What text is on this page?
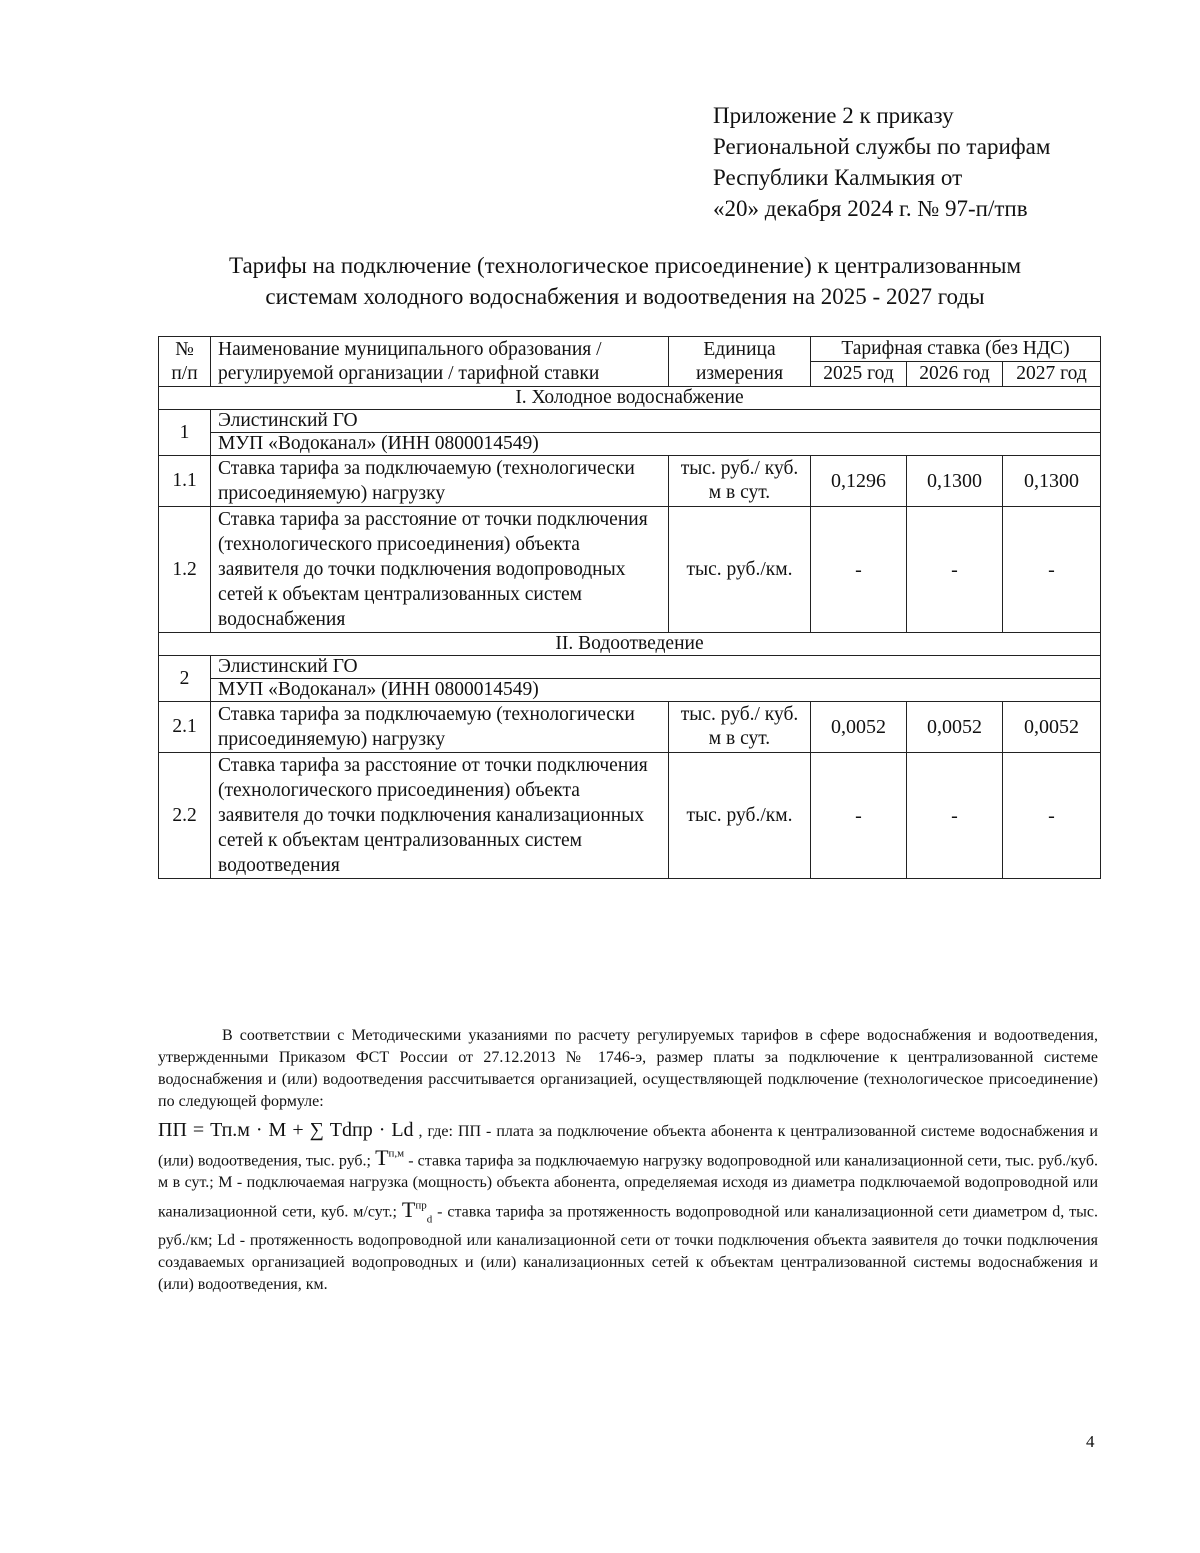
Приложение 2 к приказу
Региональной службы по тарифам
Республики Калмыкия от
«20» декабря 2024 г. № 97-п/тпв
Тарифы на подключение (технологическое присоединение) к централизованным
системам холодного водоснабжения и водоотведения на 2025 - 2027 годы
№ п/п	Наименование муниципального образования / регулируемой организации / тарифной ставки	Единица измерения	Тарифная ставка (без НДС)		
			2025 год	2026 год	2027 год
I. Холодное водоснабжение					
1	Элистинский ГО				
	МУП «Водоканал» (ИНН 0800014549)				
1.1	Ставка тарифа за подключаемую (технологически присоединяемую) нагрузку	тыс. руб./ куб. м в сут.	0,1296	0,1300	0,1300
1.2	Ставка тарифа за расстояние от точки подключения (технологического присоединения) объекта заявителя до точки подключения водопроводных сетей к объектам централизованных систем водоснабжения	тыс. руб./км.	-	-	-
II. Водоотведение					
2	Элистинский ГО				
	МУП «Водоканал» (ИНН 0800014549)				
2.1	Ставка тарифа за подключаемую (технологически присоединяемую) нагрузку	тыс. руб./ куб. м в сут.	0,0052	0,0052	0,0052
2.2	Ставка тарифа за расстояние от точки подключения (технологического присоединения) объекта заявителя до точки подключения канализационных сетей к объектам централизованных систем водоотведения	тыс. руб./км.	-	-	-

В соответствии с Методическими указаниями по расчету регулируемых тарифов в сфере водоснабжения и водоотведения, утвержденными Приказом ФСТ России от 27.12.2013 № 1746-э, размер платы за подключение к централизованной системе водоснабжения и (или) водоотведения рассчитывается организацией, осуществляющей подключение (технологическое присоединение) по следующей формуле:

ПП = Тп.м · М + ∑ Тdпр · Ld , где: ПП - плата за подключение объекта абонента к централизованной системе водоснабжения и (или) водоотведения, тыс. руб.; $T^{п,м}$ - ставка тарифа за подключаемую нагрузку водопроводной или канализационной сети, тыс. руб./куб. м в сут.; М - подключаемая нагрузка (мощность) объекта абонента, определяемая исходя из диаметра подключаемой водопроводной или канализационной сети, куб. м/сут.; $T^{пр}_d$ - ставка тарифа за протяженность водопроводной или канализационной сети диаметром d, тыс. руб./км; Ld - протяженность водопроводной или канализационной сети от точки подключения объекта заявителя до точки подключения создаваемых организацией водопроводных и (или) канализационных сетей к объектам централизованной системы водоснабжения и (или) водоотведения, км.

4
